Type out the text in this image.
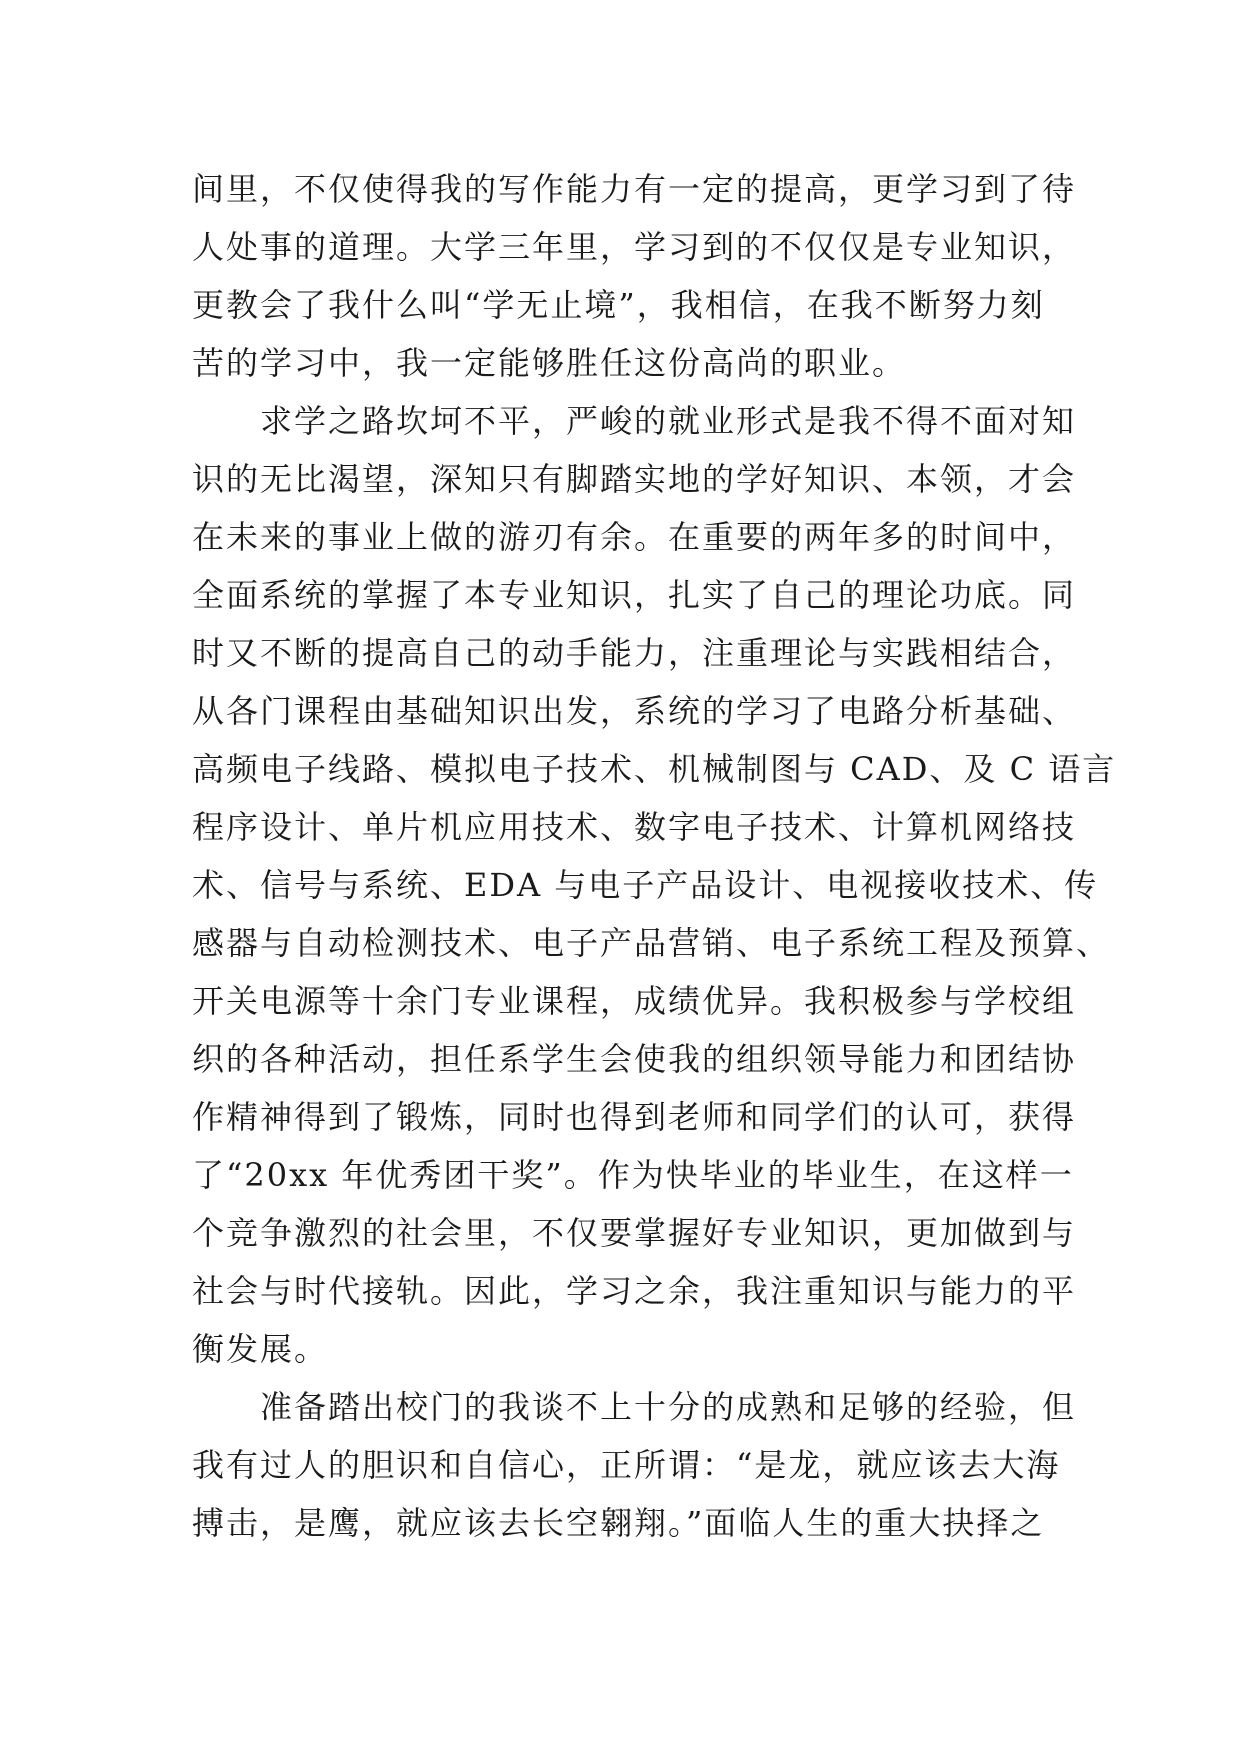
间里，不仅使得我的写作能力有一定的提高，更学习到了待
人处事的道理。大学三年里，学习到的不仅仅是专业知识，
更教会了我什么叫“学无止境”，我相信，在我不断努力刻
苦的学习中，我一定能够胜任这份高尚的职业。
　　求学之路坎坷不平，严峻的就业形式是我不得不面对知
识的无比渴望，深知只有脚踏实地的学好知识、本领，才会
在未来的事业上做的游刃有余。在重要的两年多的时间中，
全面系统的掌握了本专业知识，扎实了自己的理论功底。同
时又不断的提高自己的动手能力，注重理论与实践相结合，
从各门课程由基础知识出发，系统的学习了电路分析基础、
高频电子线路、模拟电子技术、机械制图与 CAD、及 C 语言
程序设计、单片机应用技术、数字电子技术、计算机网络技
术、信号与系统、EDA 与电子产品设计、电视接收技术、传
感器与自动检测技术、电子产品营销、电子系统工程及预算、
开关电源等十余门专业课程，成绩优异。我积极参与学校组
织的各种活动，担任系学生会使我的组织领导能力和团结协
作精神得到了锻炼，同时也得到老师和同学们的认可，获得
了“20xx 年优秀团干奖”。作为快毕业的毕业生，在这样一
个竞争激烈的社会里，不仅要掌握好专业知识，更加做到与
社会与时代接轨。因此，学习之余，我注重知识与能力的平
衡发展。
　　准备踏出校门的我谈不上十分的成熟和足够的经验，但
我有过人的胆识和自信心，正所谓：“是龙，就应该去大海
搏击，是鹰，就应该去长空翱翔。”面临人生的重大抉择之
